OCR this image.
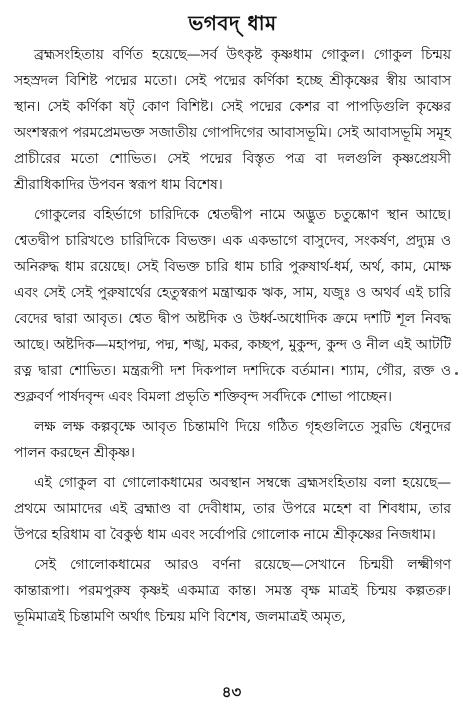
ভগবদ্‌ ধাম

ব্রহ্মসংহিতায় বর্ণিত হয়েছে—সর্ব উৎকৃষ্ট কৃষ্ণধাম গোকুল। গোকুল চিন্ময় সহস্রদল বিশিষ্ট পদ্মের মতো। সেই পদ্মের কর্ণিকা হচ্ছে শ্রীকৃষ্ণের স্বীয় আবাস স্থান। সেই কর্ণিকা ষট্‌ কোণ বিশিষ্ট। সেই পদ্মের কেশর বা পাপড়িগুলি কৃষ্ণের অংশস্বরূপ পরমপ্রেমভক্ত সজাতীয় গোপদিগের আবাসভূমি। সেই আবাসভূমি সমূহ প্রাচীরের মতো শোভিত। সেই পদ্মের বিস্তৃত পত্র বা দলগুলি কৃষ্ণপ্রেয়সী শ্রীরাধিকাদির উপবন স্বরূপ ধাম বিশেষ।

গোকুলের বহির্ভাগে চারিদিকে শ্বেতদ্বীপ নামে অদ্ভুত চতুষ্কোণ স্থান আছে। শ্বেতদ্বীপ চারিখণ্ডে চারিদিকে বিভক্ত। এক একভাগে বাসুদেব, সংকর্ষণ, প্রদ্যুম্ন ও অনিরুদ্ধ ধাম রয়েছে। সেই বিভক্ত চারি ধাম চারি পুরুষার্থ-ধর্ম, অর্থ, কাম, মোক্ষ এবং সেই সেই পুরুষার্থের হেতুস্বরূপ মন্ত্রাত্মক ঋক, সাম, যজুঃ ও অথর্ব এই চারি বেদের দ্বারা আবৃত। শ্বেত দ্বীপ অষ্টদিক ও উর্ধ্ব-অধোদিক ক্রমে দশটি শূল নিবদ্ধ আছে। অষ্টদিক—মহাপদ্ম, পদ্ম, শঙ্খ, মকর, কচ্ছপ, মুকুন্দ, কুন্দ ও নীল এই আটটি রত্ন দ্বারা শোভিত। মন্ত্ররূপী দশ দিকপাল দশদিকে বর্তমান। শ্যাম, গৌর, রক্ত ও শুক্লবর্ণ পার্ষদবৃন্দ এবং বিমলা প্রভৃতি শক্তিবৃন্দ সর্বদিকে শোভা পাচ্ছেন।

লক্ষ লক্ষ কল্পবৃক্ষে আবৃত চিন্তামণি দিয়ে গঠিত গৃহগুলিতে সুরভি ধেনুদের পালন করছেন শ্রীকৃষ্ণ।

এই গোকুল বা গোলোকধামের অবস্থান সম্বন্ধে ব্রহ্মসংহিতায় বলা হয়েছে—প্রথমে আমাদের এই ব্রহ্মাণ্ড বা দেবীধাম, তার উপরে মহেশ বা শিবধাম, তার উপরে হরিধাম বা বৈকুণ্ঠ ধাম এবং সর্বোপরি গোলোক নামে শ্রীকৃষ্ণের নিজধাম।

সেই গোলোকধামের আরও বর্ণনা রয়েছে—সেখানে চিন্ময়ী লক্ষ্মীগণ কান্তারূপা। পরমপুরুষ কৃষ্ণই একমাত্র কান্ত। সমস্ত বৃক্ষ মাত্রই চিন্ময় কল্পতরু। ভূমিমাত্রই চিন্তামণি অর্থাৎ চিন্ময় মণি বিশেষ, জলমাত্রই অমৃত,

৪৩
